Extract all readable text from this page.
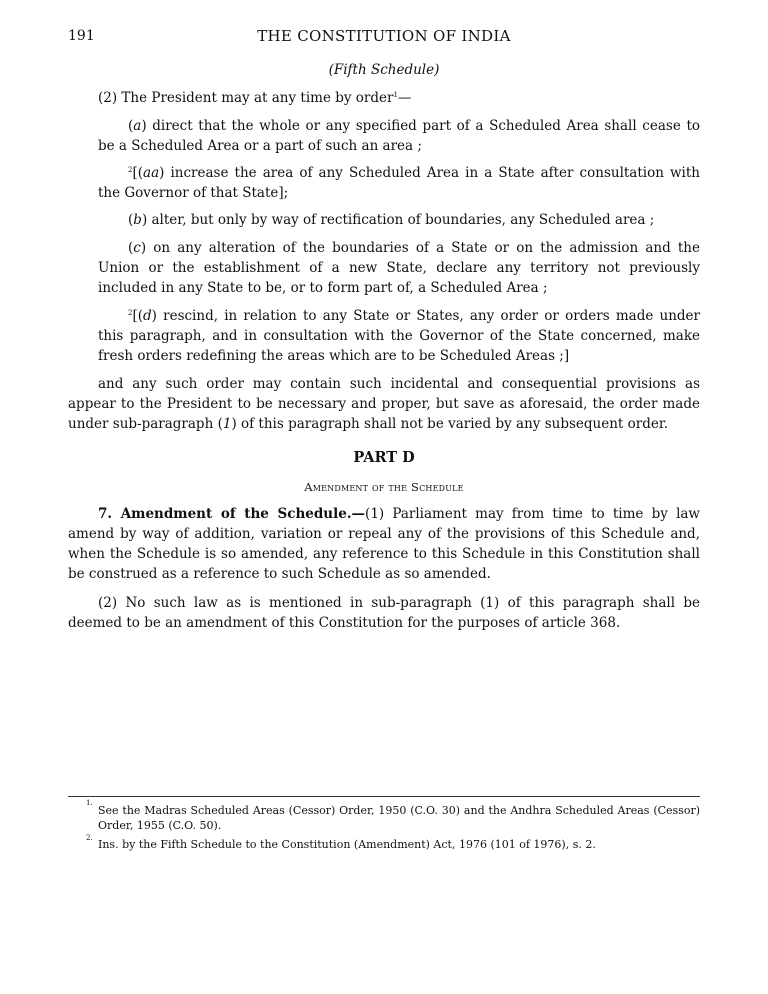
191	THE CONSTITUTION OF INDIA
(Fifth Schedule)

(2) The President may at any time by order$^1$—

(a) direct that the whole or any specified part of a Scheduled Area shall cease to be a Scheduled Area or a part of such an area ;

$^2$[(aa) increase the area of any Scheduled Area in a State after consultation with the Governor of that State];

(b) alter, but only by way of rectification of boundaries, any Scheduled area ;

(c) on any alteration of the boundaries of a State or on the admission and the Union or the establishment of a new State, declare any territory not previously included in any State to be, or to form part of, a Scheduled Area ;

$^2$[(d) rescind, in relation to any State or States, any order or orders made under this paragraph, and in consultation with the Governor of the State concerned, make fresh orders redefining the areas which are to be Scheduled Areas ;]

and any such order may contain such incidental and consequential provisions as appear to the President to be necessary and proper, but save as aforesaid, the order made under sub-paragraph (1) of this paragraph shall not be varied by any subsequent order.

PART D
Amendment of the Schedule

7. Amendment of the Schedule.—(1) Parliament may from time to time by law amend by way of addition, variation or repeal any of the provisions of this Schedule and, when the Schedule is so amended, any reference to this Schedule in this Constitution shall be construed as a reference to such Schedule as so amended.

(2) No such law as is mentioned in sub-paragraph (1) of this paragraph shall be deemed to be an amendment of this Constitution for the purposes of article 368.

1.

See the Madras Scheduled Areas (Cessor) Order, 1950 (C.O. 30) and the Andhra Scheduled Areas (Cessor) Order, 1955 (C.O. 50).

2. Ins. by the Fifth Schedule to the Constitution (Amendment) Act, 1976 (101 of 1976), s. 2.
